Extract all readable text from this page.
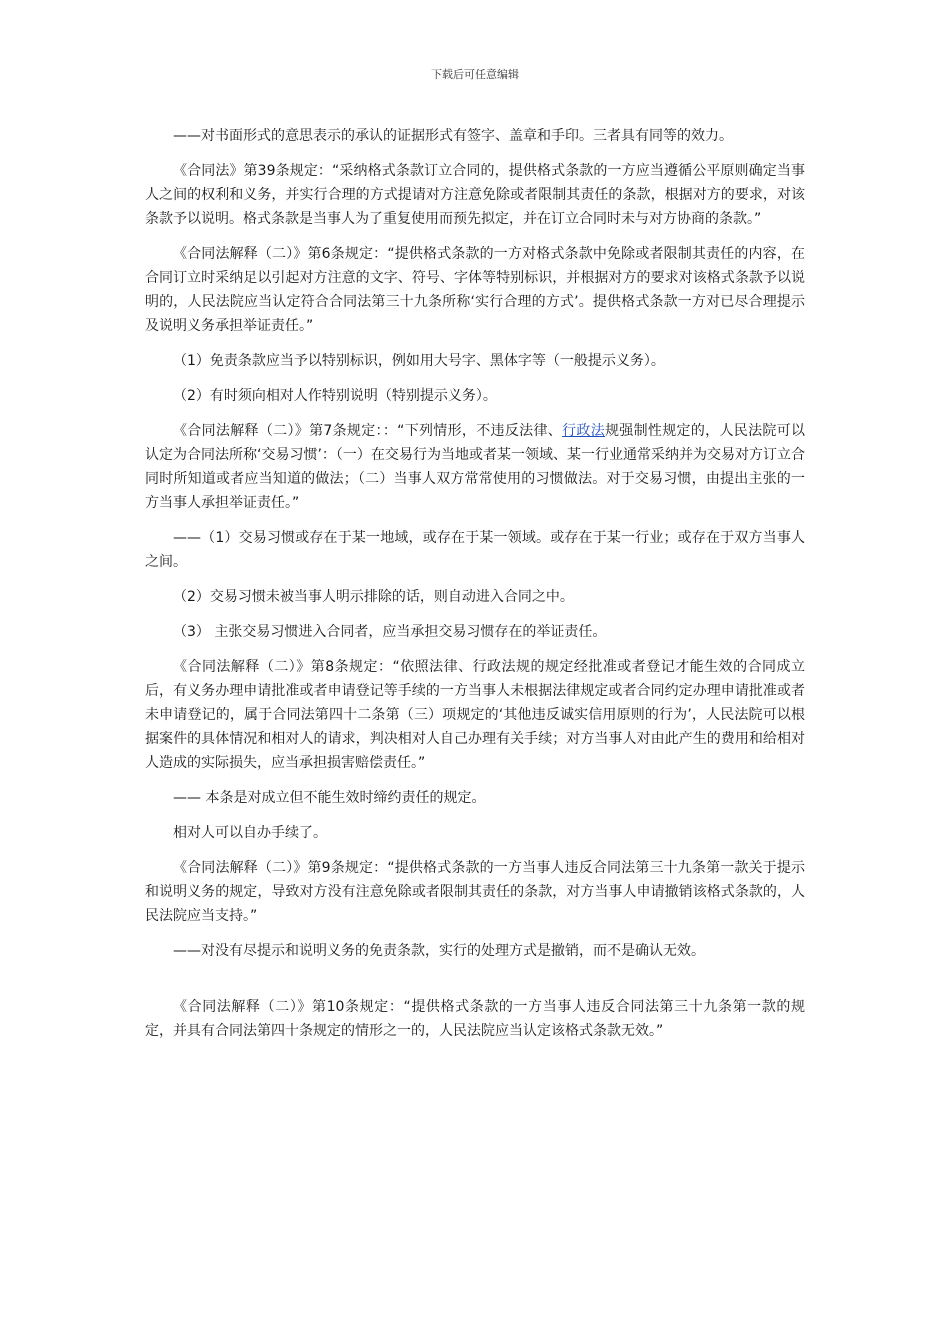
下载后可任意编辑

——对书面形式的意思表示的承认的证据形式有签字、盖章和手印。三者具有同等的效力。

《合同法》第39条规定：“采纳格式条款订立合同的，提供格式条款的一方应当遵循公平原则确定当事人之间的权利和义务，并实行合理的方式提请对方注意免除或者限制其责任的条款，根据对方的要求，对该条款予以说明。格式条款是当事人为了重复使用而预先拟定，并在订立合同时未与对方协商的条款。”

《合同法解释（二）》第6条规定：“提供格式条款的一方对格式条款中免除或者限制其责任的内容，在合同订立时采纳足以引起对方注意的文字、符号、字体等特别标识，并根据对方的要求对该格式条款予以说明的，人民法院应当认定符合合同法第三十九条所称‘实行合理的方式’。提供格式条款一方对已尽合理提示及说明义务承担举证责任。”

（1）免责条款应当予以特别标识，例如用大号字、黑体字等（一般提示义务）。

（2）有时须向相对人作特别说明（特别提示义务）。

《合同法解释（二）》第7条规定：：“下列情形，不违反法律、行政法规强制性规定的，人民法院可以认定为合同法所称‘交易习惯’：（一）在交易行为当地或者某一领域、某一行业通常采纳并为交易对方订立合同时所知道或者应当知道的做法；（二）当事人双方常常使用的习惯做法。对于交易习惯，由提出主张的一方当事人承担举证责任。”

——（1）交易习惯或存在于某一地域，或存在于某一领域。或存在于某一行业；或存在于双方当事人之间。

（2）交易习惯未被当事人明示排除的话，则自动进入合同之中。

（3） 主张交易习惯进入合同者，应当承担交易习惯存在的举证责任。

《合同法解释（二）》第8条规定：“依照法律、行政法规的规定经批准或者登记才能生效的合同成立后，有义务办理申请批准或者申请登记等手续的一方当事人未根据法律规定或者合同约定办理申请批准或者未申请登记的，属于合同法第四十二条第（三）项规定的‘其他违反诚实信用原则的行为’，人民法院可以根据案件的具体情况和相对人的请求，判决相对人自己办理有关手续；对方当事人对由此产生的费用和给相对人造成的实际损失，应当承担损害赔偿责任。”

—— 本条是对成立但不能生效时缔约责任的规定。

相对人可以自办手续了。

《合同法解释（二）》第9条规定：“提供格式条款的一方当事人违反合同法第三十九条第一款关于提示和说明义务的规定，导致对方没有注意免除或者限制其责任的条款，对方当事人申请撤销该格式条款的，人民法院应当支持。”

——对没有尽提示和说明义务的免责条款，实行的处理方式是撤销，而不是确认无效。

《合同法解释（二）》第10条规定：“提供格式条款的一方当事人违反合同法第三十九条第一款的规定，并具有合同法第四十条规定的情形之一的，人民法院应当认定该格式条款无效。”
